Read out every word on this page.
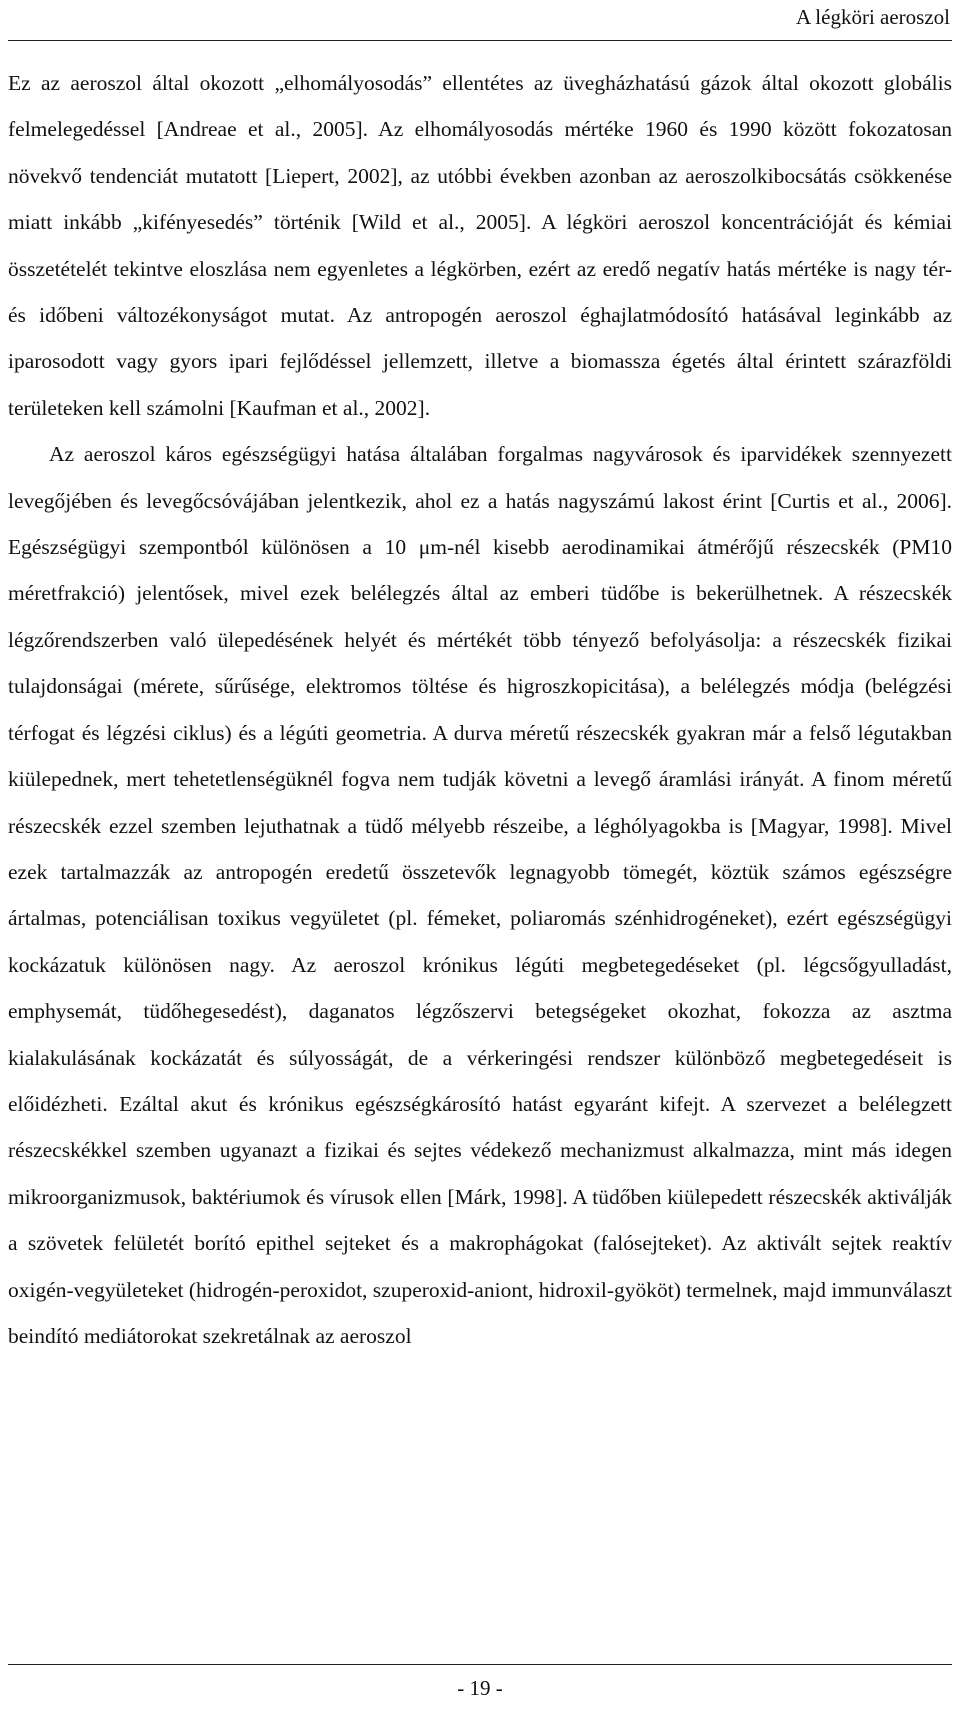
A légköri aeroszol

Ez az aeroszol által okozott „elhomályosodás” ellentétes az üvegházhatású gázok által okozott globális felmelegedéssel [Andreae et al., 2005]. Az elhomályosodás mértéke 1960 és 1990 között fokozatosan növekvő tendenciát mutatott [Liepert, 2002], az utóbbi években azonban az aeroszolkibocsátás csökkenése miatt inkább „kifényesedés” történik [Wild et al., 2005]. A légköri aeroszol koncentrációját és kémiai összetételét tekintve eloszlása nem egyenletes a légkörben, ezért az eredő negatív hatás mértéke is nagy tér- és időbeni változékonyságot mutat. Az antropogén aeroszol éghajlatmódosító hatásával leginkább az iparosodott vagy gyors ipari fejlődéssel jellemzett, illetve a biomassza égetés által érintett szárazföldi területeken kell számolni [Kaufman et al., 2002].

Az aeroszol káros egészségügyi hatása általában forgalmas nagyvárosok és iparvidékek szennyezett levegőjében és levegőcsóvájában jelentkezik, ahol ez a hatás nagyszámú lakost érint [Curtis et al., 2006]. Egészségügyi szempontból különösen a 10 μm-nél kisebb aerodinamikai átmérőjű részecskék (PM10 méretfrakció) jelentősek, mivel ezek belélegzés által az emberi tüdőbe is bekerülhetnek. A részecskék légzőrendszerben való ülepedésének helyét és mértékét több tényező befolyásolja: a részecskék fizikai tulajdonságai (mérete, sűrűsége, elektromos töltése és higroszkopicitása), a belélegzés módja (belégzési térfogat és légzési ciklus) és a légúti geometria. A durva méretű részecskék gyakran már a felső légutakban kiülepednek, mert tehetetlenségüknél fogva nem tudják követni a levegő áramlási irányát. A finom méretű részecskék ezzel szemben lejuthatnak a tüdő mélyebb részeibe, a léghólyagokba is [Magyar, 1998]. Mivel ezek tartalmazzák az antropogén eredetű összetevők legnagyobb tömegét, köztük számos egészségre ártalmas, potenciálisan toxikus vegyületet (pl. fémeket, poliaromás szénhidrogéneket), ezért egészségügyi kockázatuk különösen nagy. Az aeroszol krónikus légúti megbetegedéseket (pl. légcsőgyulladást, emphysemát, tüdőhegesedést), daganatos légzőszervi betegségeket okozhat, fokozza az asztma kialakulásának kockázatát és súlyosságát, de a vérkeringési rendszer különböző megbetegedéseit is előidézheti. Ezáltal akut és krónikus egészségkárosító hatást egyaránt kifejt. A szervezet a belélegzett részecskékkel szemben ugyanazt a fizikai és sejtes védekező mechanizmust alkalmazza, mint más idegen mikroorganizmusok, baktériumok és vírusok ellen [Márk, 1998]. A tüdőben kiülepedett részecskék aktiválják a szövetek felületét borító epithel sejteket és a makrophágokat (falósejteket). Az aktivált sejtek reaktív oxigén-vegyületeket (hidrogén-peroxidot, szuperoxid-aniont, hidroxil-gyököt) termelnek, majd immunválaszt beindító mediátorokat szekretálnak az aeroszol

- 19 -
